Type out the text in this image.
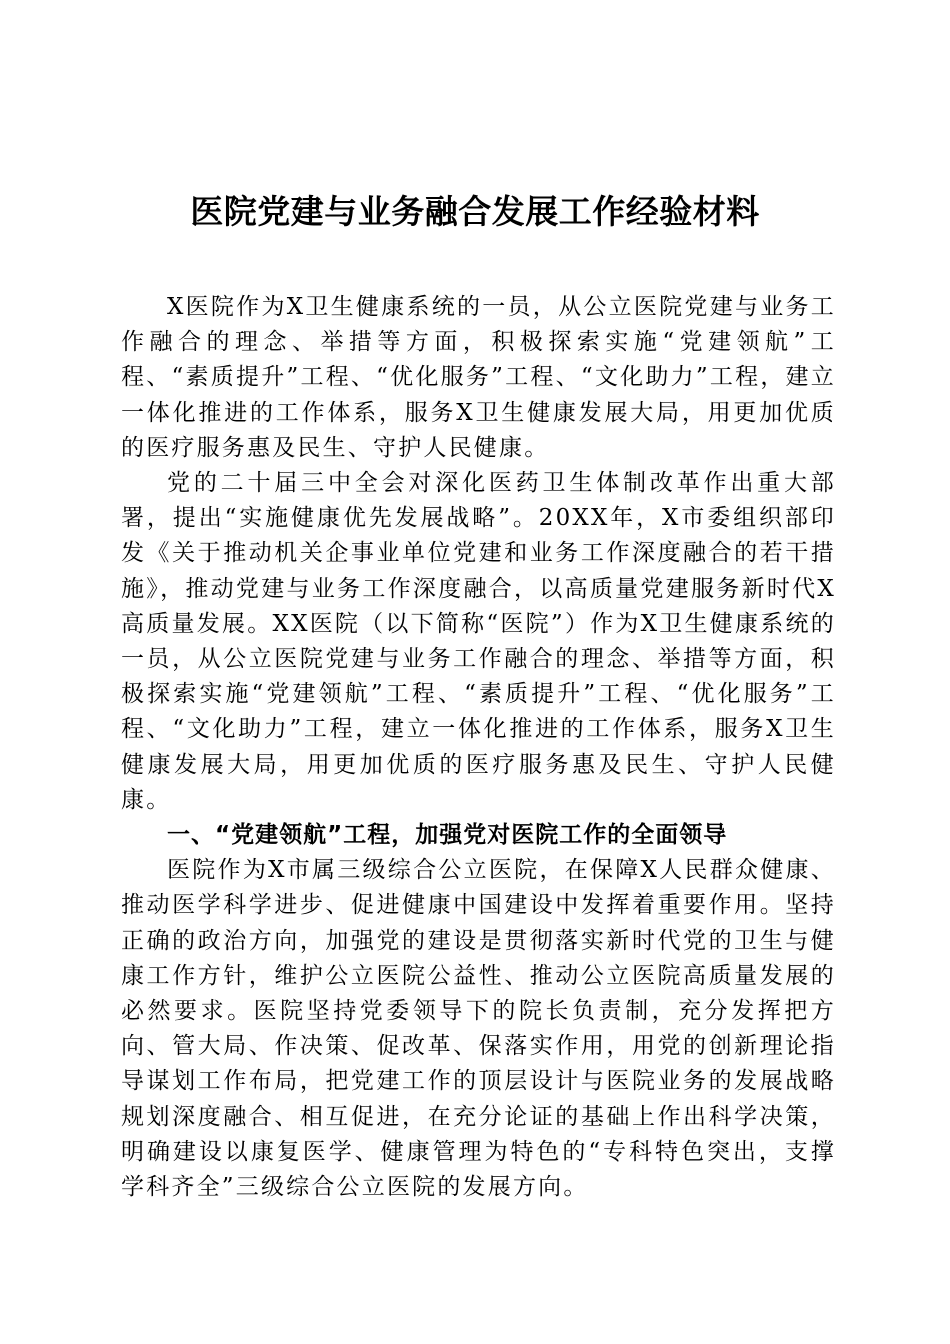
医院党建与业务融合发展工作经验材料

X医院作为X卫生健康系统的一员，从公立医院党建与业务工作融合的理念、举措等方面，积极探索实施“党建领航”工程、“素质提升”工程、“优化服务”工程、“文化助力”工程，建立一体化推进的工作体系，服务X卫生健康发展大局，用更加优质的医疗服务惠及民生、守护人民健康。

党的二十届三中全会对深化医药卫生体制改革作出重大部署，提出“实施健康优先发展战略”。20XX年，X市委组织部印发《关于推动机关企事业单位党建和业务工作深度融合的若干措施》，推动党建与业务工作深度融合，以高质量党建服务新时代X高质量发展。XX医院（以下简称“医院”）作为X卫生健康系统的一员，从公立医院党建与业务工作融合的理念、举措等方面，积极探索实施“党建领航”工程、“素质提升”工程、“优化服务”工程、“文化助力”工程，建立一体化推进的工作体系，服务X卫生健康发展大局，用更加优质的医疗服务惠及民生、守护人民健康。

一、“党建领航”工程，加强党对医院工作的全面领导

医院作为X市属三级综合公立医院，在保障X人民群众健康、推动医学科学进步、促进健康中国建设中发挥着重要作用。坚持正确的政治方向，加强党的建设是贯彻落实新时代党的卫生与健康工作方针，维护公立医院公益性、推动公立医院高质量发展的必然要求。医院坚持党委领导下的院长负责制，充分发挥把方向、管大局、作决策、促改革、保落实作用，用党的创新理论指导谋划工作布局，把党建工作的顶层设计与医院业务的发展战略规划深度融合、相互促进，在充分论证的基础上作出科学决策，明确建设以康复医学、健康管理为特色的“专科特色突出，支撑学科齐全”三级综合公立医院的发展方向。
